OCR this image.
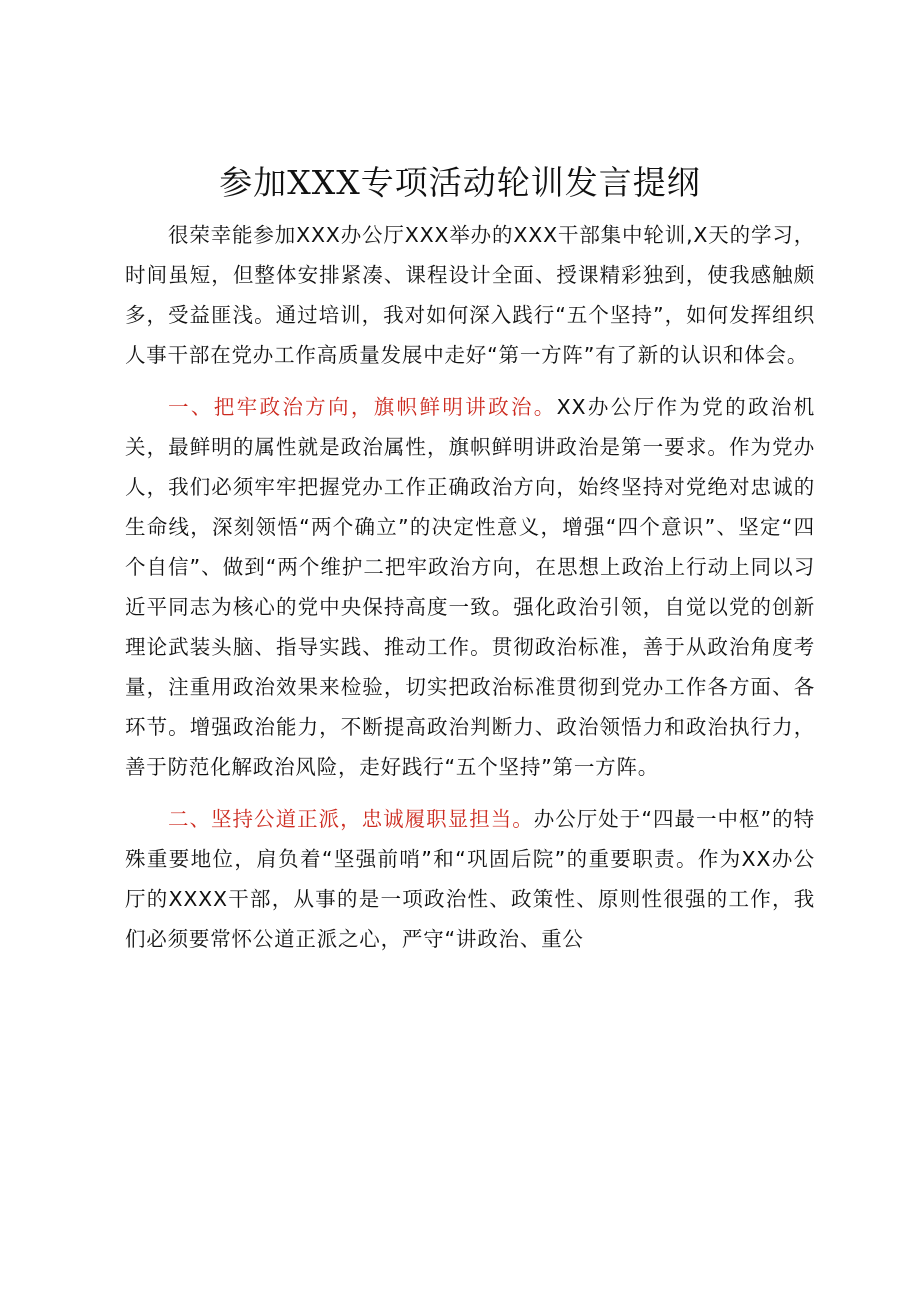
参加XXX专项活动轮训发言提纲

很荣幸能参加XXX办公厅XXX举办的XXX干部集中轮训,X天的学习，时间虽短，但整体安排紧凑、课程设计全面、授课精彩独到，使我感触颇多，受益匪浅。通过培训，我对如何深入践行“五个坚持”，如何发挥组织人事干部在党办工作高质量发展中走好“第一方阵”有了新的认识和体会。

一、把牢政治方向，旗帜鲜明讲政治。XX办公厅作为党的政治机关，最鲜明的属性就是政治属性，旗帜鲜明讲政治是第一要求。作为党办人，我们必须牢牢把握党办工作正确政治方向，始终坚持对党绝对忠诚的生命线，深刻领悟“两个确立”的决定性意义，增强“四个意识”、坚定“四个自信”、做到“两个维护二把牢政治方向，在思想上政治上行动上同以习近平同志为核心的党中央保持高度一致。强化政治引领，自觉以党的创新理论武装头脑、指导实践、推动工作。贯彻政治标准，善于从政治角度考量，注重用政治效果来检验，切实把政治标准贯彻到党办工作各方面、各环节。增强政治能力，不断提高政治判断力、政治领悟力和政治执行力，善于防范化解政治风险，走好践行“五个坚持”第一方阵。

二、坚持公道正派，忠诚履职显担当。办公厅处于“四最一中枢”的特殊重要地位，肩负着“坚强前哨”和“巩固后院”的重要职责。作为XX办公厅的XXXX干部，从事的是一项政治性、政策性、原则性很强的工作，我们必须要常怀公道正派之心，严守“讲政治、重公
